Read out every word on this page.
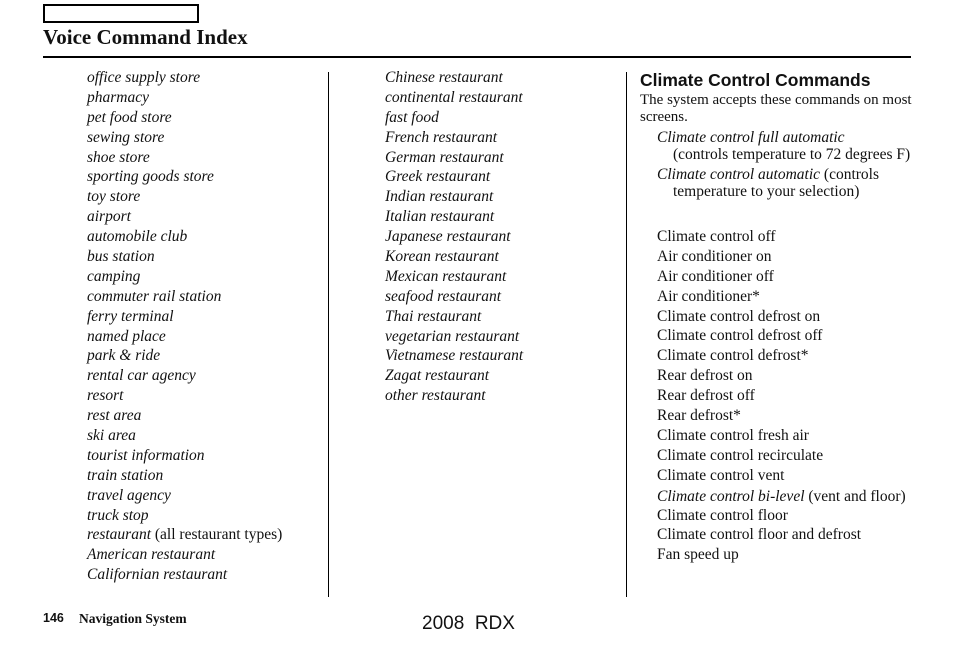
Voice Command Index
office supply store
pharmacy
pet food store
sewing store
shoe store
sporting goods store
toy store
airport
automobile club
bus station
camping
commuter rail station
ferry terminal
named place
park & ride
rental car agency
resort
rest area
ski area
tourist information
train station
travel agency
truck stop
restaurant (all restaurant types)
American restaurant
Californian restaurant
Chinese restaurant
continental restaurant
fast food
French restaurant
German restaurant
Greek restaurant
Indian restaurant
Italian restaurant
Japanese restaurant
Korean restaurant
Mexican restaurant
seafood restaurant
Thai restaurant
vegetarian restaurant
Vietnamese restaurant
Zagat restaurant
other restaurant
Climate Control Commands
The system accepts these commands on most screens.
Climate control full automatic
(controls temperature to 72 degrees F)
Climate control automatic (controls temperature to your selection)
Climate control off
Air conditioner on
Air conditioner off
Air conditioner*
Climate control defrost on
Climate control defrost off
Climate control defrost*
Rear defrost on
Rear defrost off
Rear defrost*
Climate control fresh air
Climate control recirculate
Climate control vent
Climate control bi-level (vent and floor)
Climate control floor
Climate control floor and defrost
Fan speed up
146 Navigation System	2008  RDX
